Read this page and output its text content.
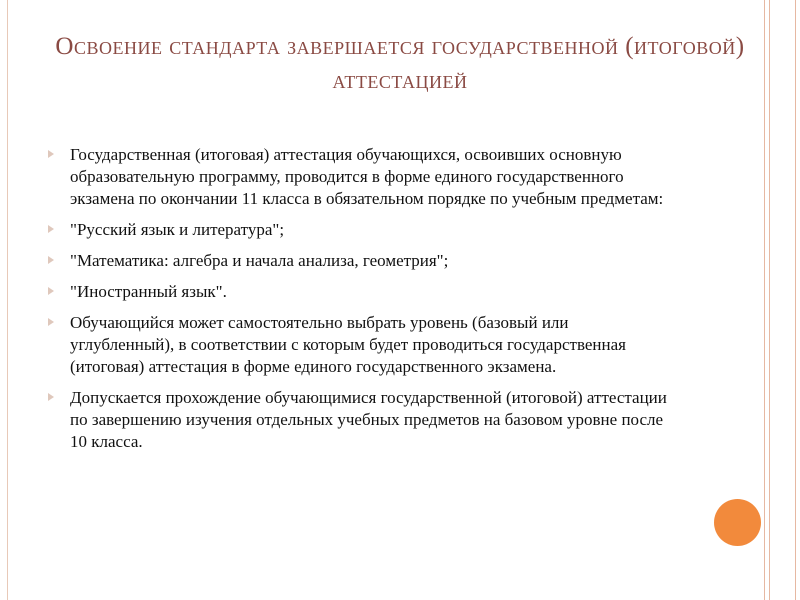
Освоение стандарта завершается государственной (итоговой) аттестацией
Государственная (итоговая) аттестация обучающихся, освоивших основную образовательную программу, проводится в форме единого государственного экзамена по окончании 11 класса в обязательном порядке по учебным предметам:
"Русский язык и литература";
"Математика: алгебра и начала анализа, геометрия";
"Иностранный язык".
Обучающийся может самостоятельно выбрать уровень (базовый или углубленный), в соответствии с которым будет проводиться государственная (итоговая) аттестация в форме единого государственного экзамена.
Допускается прохождение обучающимися государственной (итоговой) аттестации по завершению изучения отдельных учебных предметов на базовом уровне после 10 класса.
